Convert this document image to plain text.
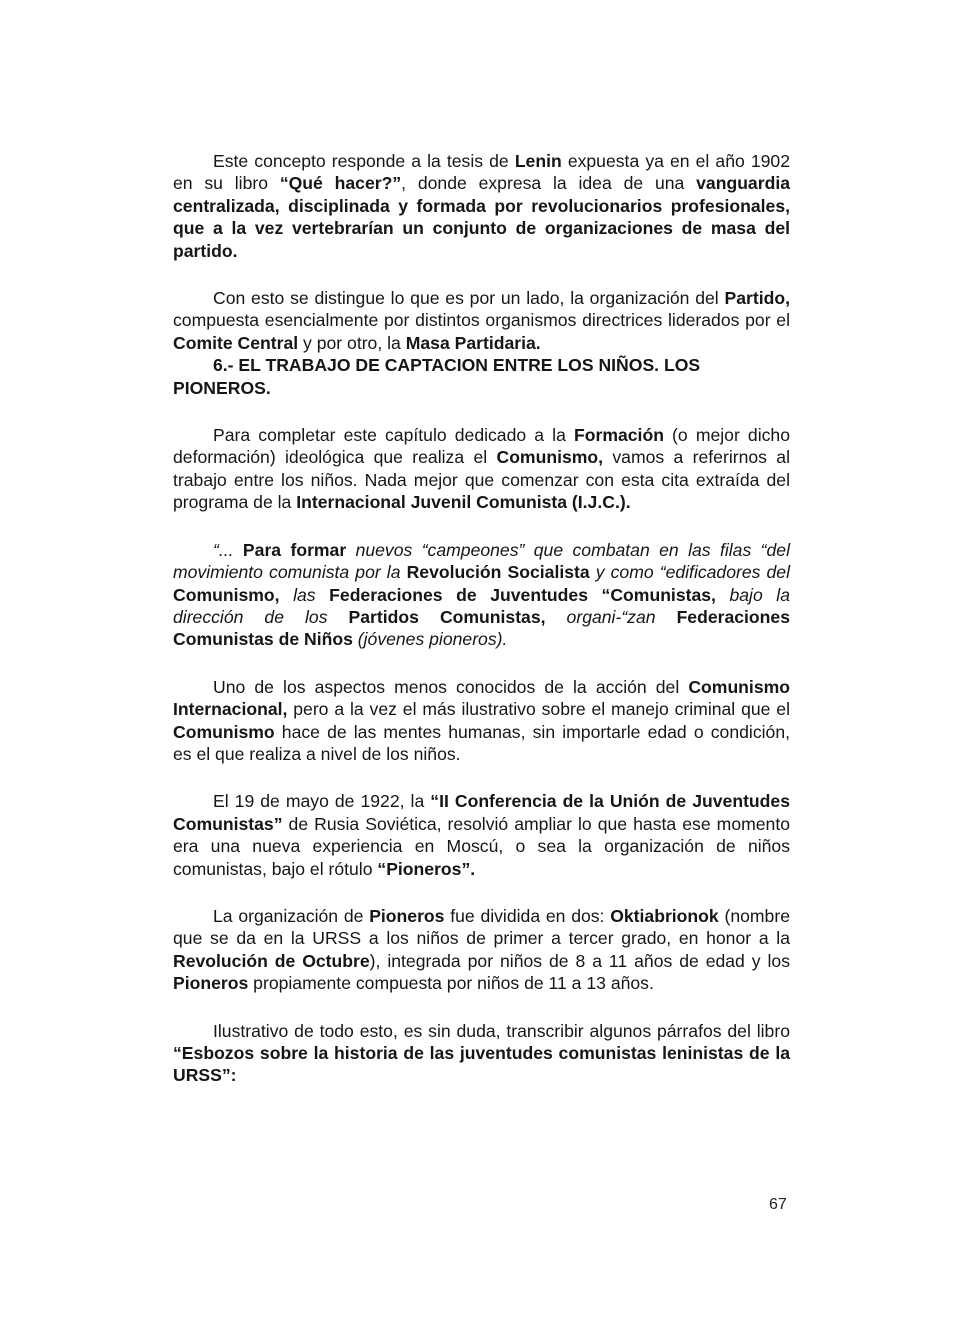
Este concepto responde a la tesis de Lenin expuesta ya en el año 1902 en su libro “Qué hacer?”, donde expresa la idea de una vanguardia centralizada, disciplinada y formada por revolucionarios profesionales, que a la vez vertebrarían un conjunto de organizaciones de masa del partido.

Con esto se distingue lo que es por un lado, la organización del Partido, compuesta esencialmente por distintos organismos directrices liderados por el Comite Central y por otro, la Masa Partidaria.

6.- EL TRABAJO DE CAPTACION ENTRE LOS NIÑOS. LOS PIONEROS.

Para completar este capítulo dedicado a la Formación (o mejor dicho deformación) ideológica que realiza el Comunismo, vamos a referirnos al trabajo entre los niños. Nada mejor que comenzar con esta cita extraída del programa de la Internacional Juvenil Comunista (I.J.C.).

“... Para formar nuevos “campeones” que combatan en las filas “del movimiento comunista por la Revolución Socialista y como “edificadores del Comunismo, las Federaciones de Juventudes “Comunistas, bajo la dirección de los Partidos Comunistas, organi-“zan Federaciones Comunistas de Niños (jóvenes pioneros).

Uno de los aspectos menos conocidos de la acción del Comunismo Internacional, pero a la vez el más ilustrativo sobre el manejo criminal que el Comunismo hace de las mentes humanas, sin importarle edad o condición, es el que realiza a nivel de los niños.

El 19 de mayo de 1922, la “II Conferencia de la Unión de Juventudes Comunistas” de Rusia Soviética, resolvió ampliar lo que hasta ese momento era una nueva experiencia en Moscú, o sea la organización de niños comunistas, bajo el rótulo “Pioneros”.

La organización de Pioneros fue dividida en dos: Oktiabrionok (nombre que se da en la URSS a los niños de primer a tercer grado, en honor a la Revolución de Octubre), integrada por niños de 8 a 11 años de edad y los Pioneros propiamente compuesta por niños de 11 a 13 años.

Ilustrativo de todo esto, es sin duda, transcribir algunos párrafos del libro “Esbozos sobre la historia de las juventudes comunistas leninistas de la URSS”:

67
